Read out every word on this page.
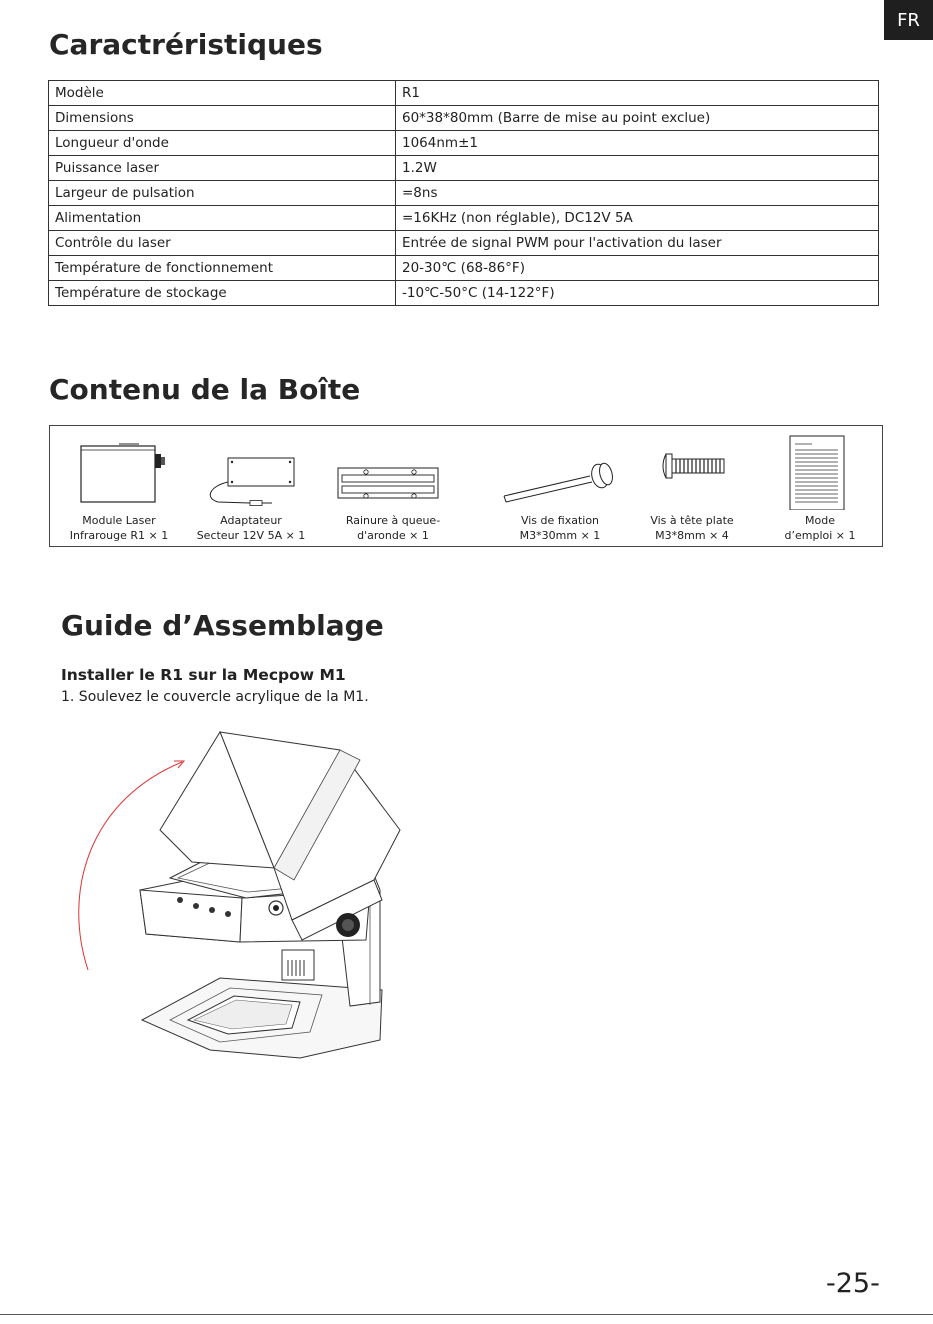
FR
Caractréristiques
Modèle	R1
Dimensions	60*38*80mm (Barre de mise au point exclue)
Longueur d'onde	1064nm±1
Puissance laser	1.2W
Largeur de pulsation	=8ns
Alimentation	=16KHz (non réglable), DC12V 5A
Contrôle du laser	Entrée de signal PWM pour l'activation du laser
Température de fonctionnement	20-30℃ (68-86°F)
Température de stockage	-10℃-50°C (14-122°F)
Contenu de la Boîte
Module Laser
Infrarouge R1 × 1
Adaptateur
Secteur 12V 5A × 1
Rainure à queue-
d'aronde × 1
Vis de fixation
M3*30mm × 1
Vis à tête plate
M3*8mm × 4
Mode
d’emploi × 1
Guide d’Assemblage
Installer le R1 sur la Mecpow M1
1. Soulevez le couvercle acrylique de la M1.
-25-
